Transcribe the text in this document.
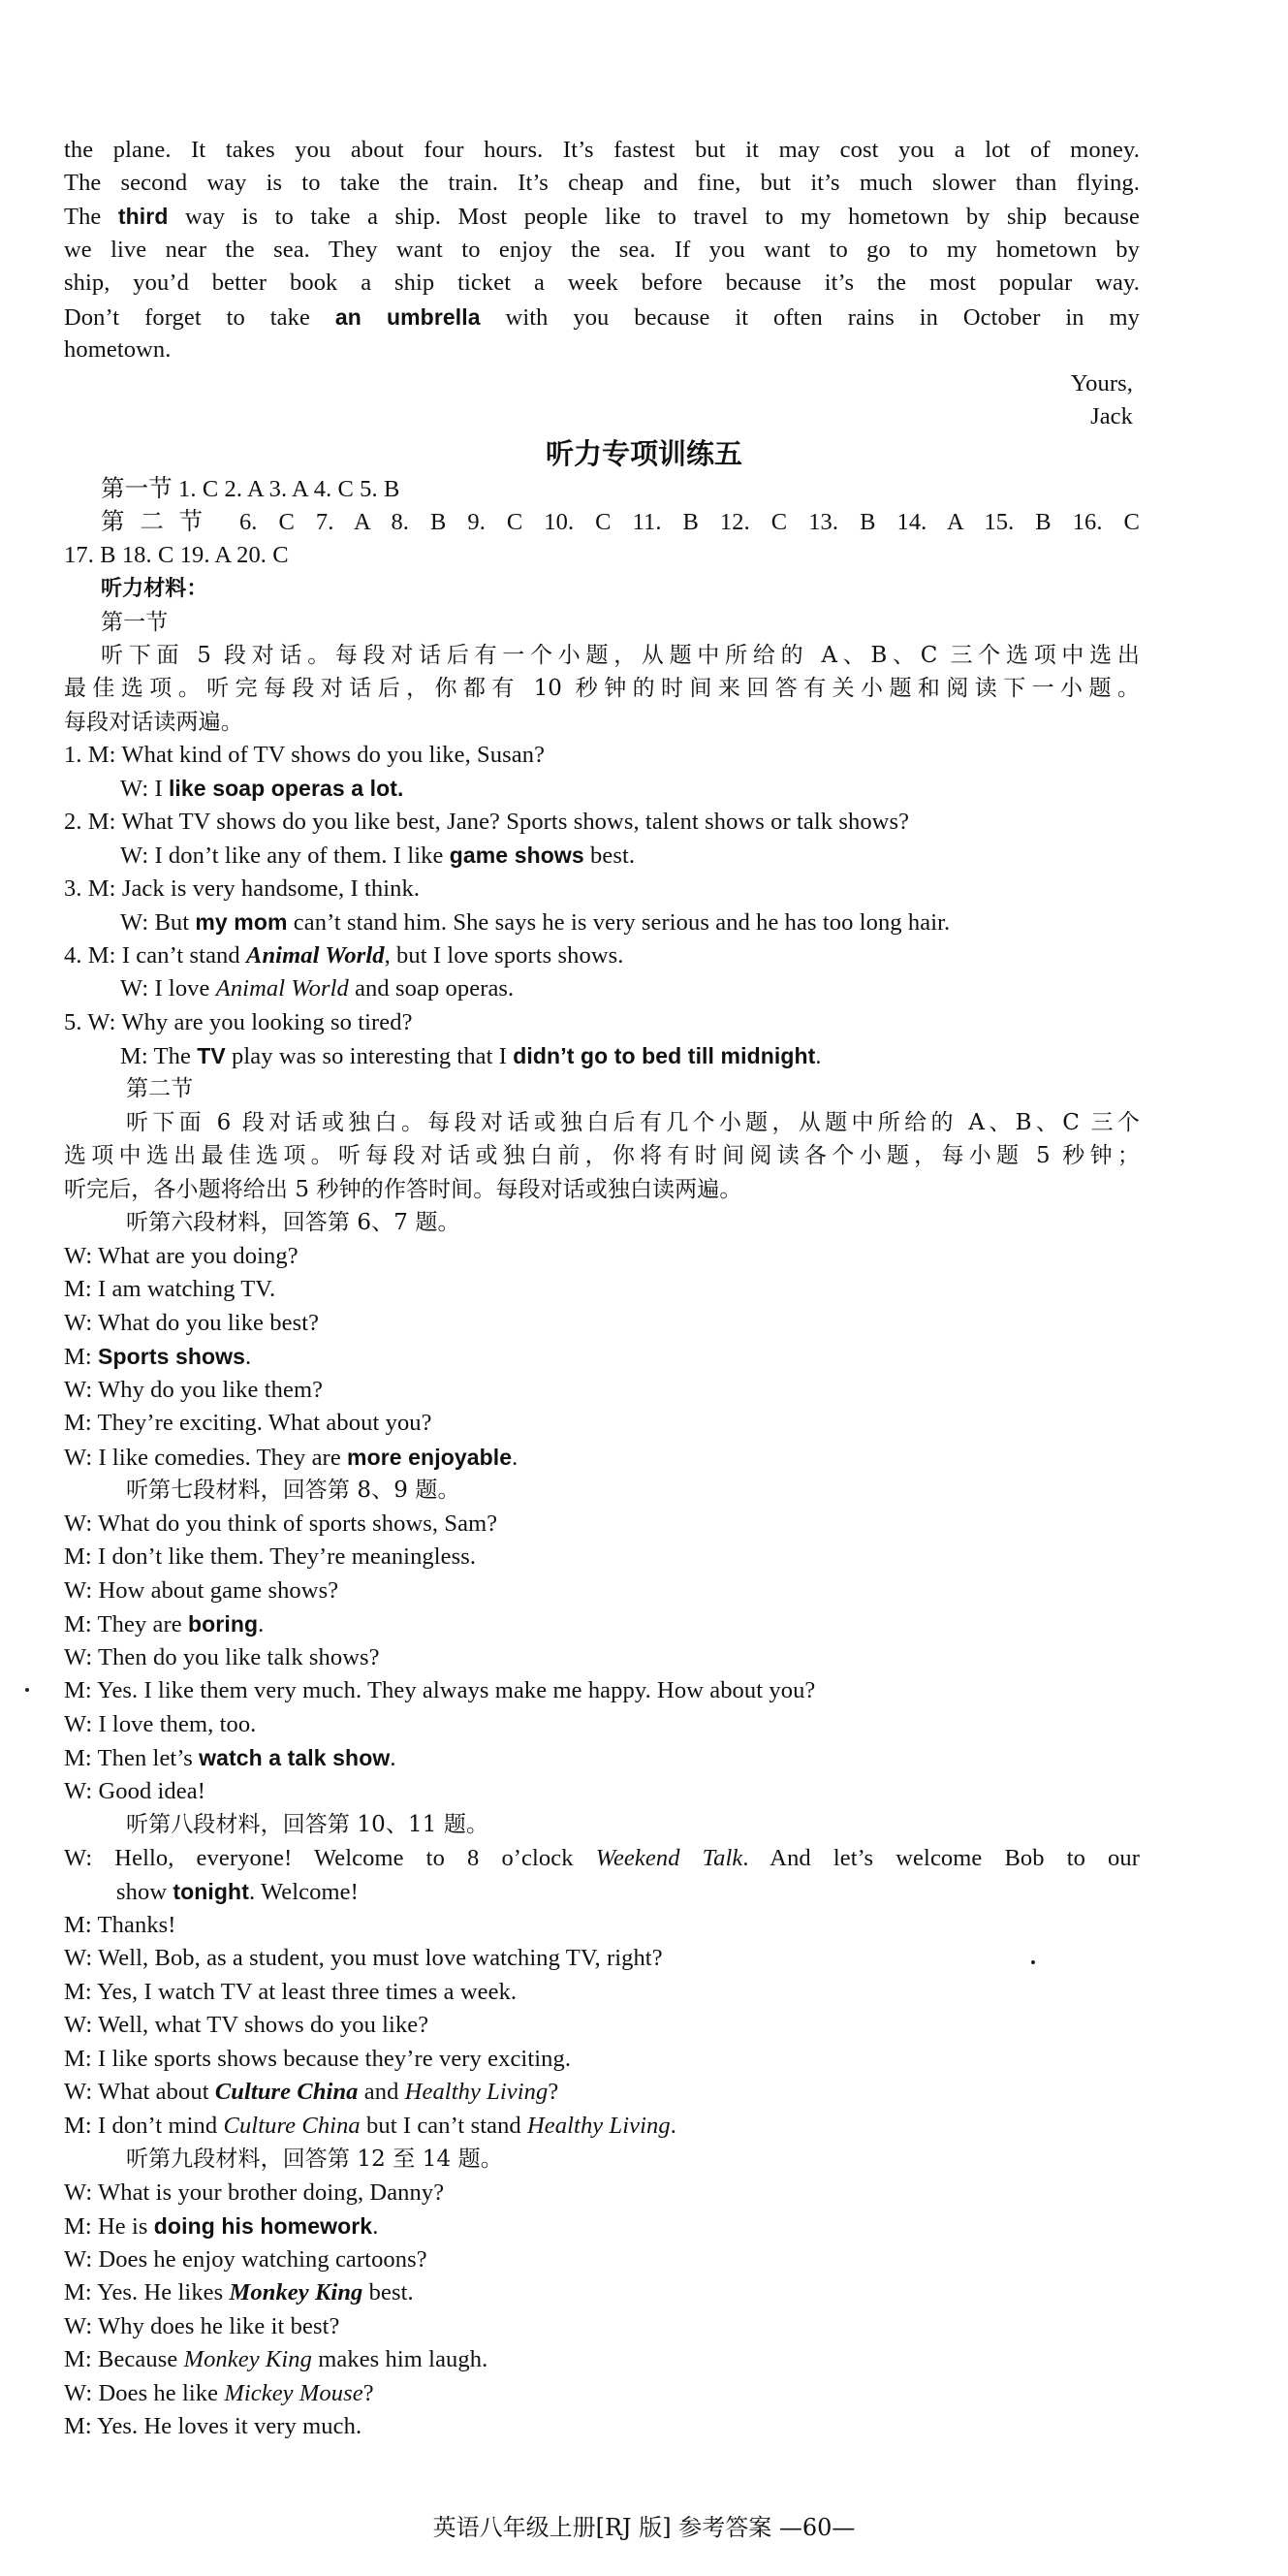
the plane. It takes you about four hours. It’s fastest but it may cost you a lot of money.
The second way is to take the train. It’s cheap and fine, but it’s much slower than flying.
The third way is to take a ship. Most people like to travel to my hometown by ship because
we live near the sea. They want to enjoy the sea. If you want to go to my hometown by
ship, you’d better book a ship ticket a week before because it’s the most popular way.
Don’t forget to take an umbrella with you because it often rains in October in my
hometown.
Yours,
Jack
听力专项训练五
第一节 1. C 2. A 3. A 4. C 5. B
第二节 6. C 7. A 8. B 9. C 10. C 11. B 12. C 13. B 14. A 15. B 16. C
17. B 18. C 19. A 20. C
听力材料：
第一节
听下面 5 段对话。每段对话后有一个小题，从题中所给的 A、B、C 三个选项中选出
最佳选项。听完每段对话后，你都有 10 秒钟的时间来回答有关小题和阅读下一小题。
每段对话读两遍。
1. M: What kind of TV shows do you like, Susan?
W: I like soap operas a lot.
2. M: What TV shows do you like best, Jane? Sports shows, talent shows or talk shows?
W: I don’t like any of them. I like game shows best.
3. M: Jack is very handsome, I think.
W: But my mom can’t stand him. She says he is very serious and he has too long hair.
4. M: I can’t stand Animal World, but I love sports shows.
W: I love Animal World and soap operas.
5. W: Why are you looking so tired?
M: The TV play was so interesting that I didn’t go to bed till midnight.
第二节
听下面 6 段对话或独白。每段对话或独白后有几个小题，从题中所给的 A、B、C 三个
选项中选出最佳选项。听每段对话或独白前，你将有时间阅读各个小题，每小题 5 秒钟；
听完后，各小题将给出 5 秒钟的作答时间。每段对话或独白读两遍。
听第六段材料，回答第 6、7 题。
W: What are you doing?
M: I am watching TV.
W: What do you like best?
M: Sports shows.
W: Why do you like them?
M: They’re exciting. What about you?
W: I like comedies. They are more enjoyable.
听第七段材料，回答第 8、9 题。
W: What do you think of sports shows, Sam?
M: I don’t like them. They’re meaningless.
W: How about game shows?
M: They are boring.
W: Then do you like talk shows?
M: Yes. I like them very much. They always make me happy. How about you?
W: I love them, too.
M: Then let’s watch a talk show.
W: Good idea!
听第八段材料，回答第 10、11 题。
W: Hello, everyone! Welcome to 8 o’clock Weekend Talk. And let’s welcome Bob to our
show tonight. Welcome!
M: Thanks!
W: Well, Bob, as a student, you must love watching TV, right?
M: Yes, I watch TV at least three times a week.
W: Well, what TV shows do you like?
M: I like sports shows because they’re very exciting.
W: What about Culture China and Healthy Living?
M: I don’t mind Culture China but I can’t stand Healthy Living.
听第九段材料，回答第 12 至 14 题。
W: What is your brother doing, Danny?
M: He is doing his homework.
W: Does he enjoy watching cartoons?
M: Yes. He likes Monkey King best.
W: Why does he like it best?
M: Because Monkey King makes him laugh.
W: Does he like Mickey Mouse?
M: Yes. He loves it very much.
英语八年级上册[RJ 版] 参考答案 —60—
